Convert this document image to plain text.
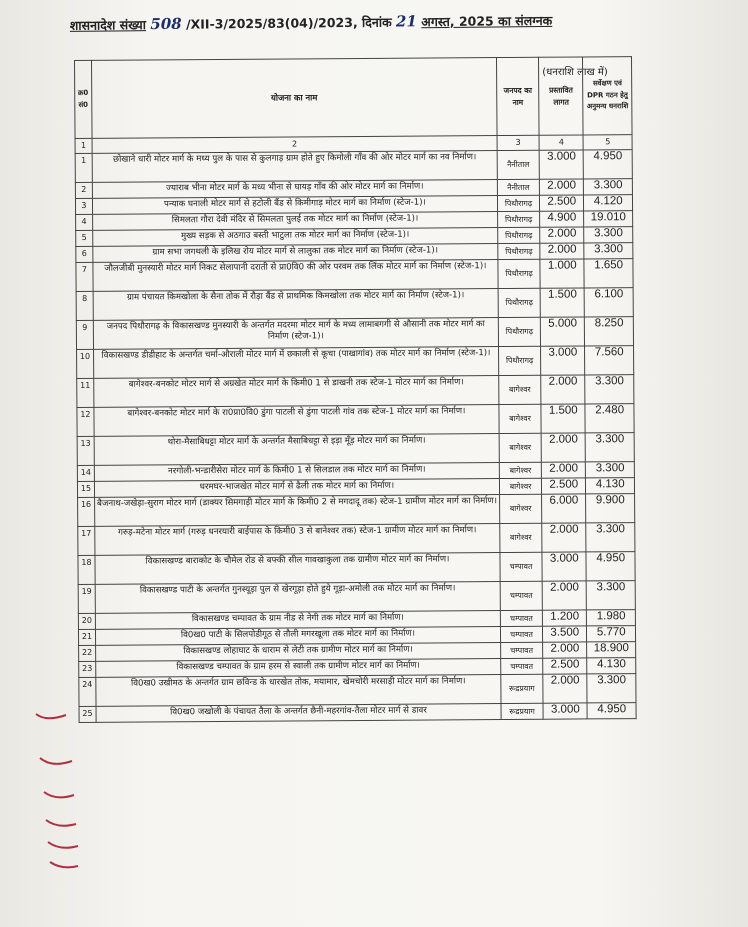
शासनादेश संख्या 508 /XII-3/2025/83(04)/2023, दिनांक 21 अगस्त, 2025 का संलग्नक
(धनराशि लाख में)
क्र0 सं0	योजना का नाम	जनपद का नाम	प्रस्तावित लागत	सर्वेक्षण एवं DPR गठन हेतु अनुमन्य धनराशि
1	2	3	4	5
1	छोखाने धारी मोटर मार्ग के मध्य पुल के पास से कुलगाड़ ग्राम होते हुए किमोली गाँव की ओर मोटर मार्ग का नव निर्माण।	नैनीताल	3.000	4.950
2	ज्याराब भीना मोटर मार्ग के मध्य भीना से घायड़ गाँव की ओर मोटर मार्ग का निर्माण।	नैनीताल	2.000	3.300
3	पन्याक घनाली मोटर मार्ग से हटोली बैंड से किमीगाड़ मोटर मार्ग का निर्माण (स्टेज-1)।	पिथौरागढ़	2.500	4.120
4	सिमलता गौरा देवी मंदिर से सिमलता पुलई तक मोटर मार्ग का निर्माण (स्टेज-1)।	पिथौरागढ़	4.900	19.010
5	मुख्य सड़क से अठगाउ बस्ती भाटुला तक मोटर मार्ग का निर्माण (स्टेज-1)।	पिथौरागढ़	2.000	3.300
6	ग्राम सभा जगथली के इलिख रोय मोटर मार्ग से लालुका तक मोटर मार्ग का निर्माण (स्टेज-1)।	पिथौरागढ़	2.000	3.300
7	जौलजीबी मुनस्यारी मोटर मार्ग निकट सेलापानी दराती से प्रा0वि0 की ओर परवम तक लिंक मोटर मार्ग का निर्माण (स्टेज-1)।	पिथौरागढ़	1.000	1.650
8	ग्राम पंचायत किमखोला के सैना तोक में रौड़ा बैंड से प्राथमिक किमखोला तक मोटर मार्ग का निर्माण (स्टेज-1)।	पिथौरागढ़	1.500	6.100
9	जनपद पिथौरागढ़ के विकासखण्ड मुनस्यारी के अन्तर्गत मदरमा मोटर मार्ग के मध्य लामाबगगी से औसानी तक मोटर मार्ग का निर्माण (स्टेज-1)।	पिथौरागढ़	5.000	8.250
10	विकासखण्ड डीडीहाट के अन्तर्गत चर्मा-औराली मोटर मार्ग में छकाली से कूचा (पाखागांव) तक मोटर मार्ग का निर्माण (स्टेज-1)।	पिथौरागढ़	3.000	7.560
11	बागेश्वर-बनकोट मोटर मार्ग से अग्रखेत मोटर मार्ग के किमी0 1 से डाखनी तक स्टेज-1 मोटर मार्ग का निर्माण।	बागेश्वर	2.000	3.300
12	बागेश्वर-बनकोट मोटर मार्ग के रा0प्रा0वि0 डुंगा पाटली से डुंगा पाटली गांव तक स्टेज-1 मोटर मार्ग का निर्माण।	बागेश्वर	1.500	2.480
13	थोरा-मैसाबिधट्टा मोटर मार्ग के अन्तर्गत मैसाबिधट्टा से इड़ा मूँड़ मोटर मार्ग का निर्माण।	बागेश्वर	2.000	3.300
14	नरगोली-भन्डारीसेरा मोटर मार्ग के किमी0 1 से सिलडाल तक मोटर मार्ग का निर्माण।	बागेश्वर	2.000	3.300
15	धरमघर-भाजखेत मोटर मार्ग से ढैली तक मोटर मार्ग का निर्माण।	बागेश्वर	2.500	4.130
16	बैजनाथ-जखेड़ा-सुराग मोटर मार्ग (डाक्यर सिमगाड़ी मोटर मार्ग के किमी0 2 से मगदादू तक) स्टेज-1 ग्रामीण मोटर मार्ग का निर्माण।	बागेश्वर	6.000	9.900
17	गरुड़-मटेना मोटर मार्ग (गरुड़ धनरयारी बाईपास के किमी0 3 से बानेश्वर तक) स्टेज-1 ग्रामीण मोटर मार्ग का निर्माण।	बागेश्वर	2.000	3.300
18	विकासखण्ड बाराकोट के चौमेल रोड से बफ्की सील गावखाकुला तक ग्रामीण मोटर मार्ग का निर्माण।	चम्पावत	3.000	4.950
19	विकासखण्ड पाटी के अन्तर्गत गुनस्यूड़ा पुल से खेरगूड़ा होते हुये गूड़ा-अमोली तक मोटर मार्ग का निर्माण।	चम्पावत	2.000	3.300
20	विकासखण्ड चम्पावत के ग्राम नीड से नेगी तक मोटर मार्ग का निर्माण।	चम्पावत	1.200	1.980
21	वि0ख0 पाटी के सिलपोडीगूठ से तौली मगरखूला तक मोटर मार्ग का निर्माण।	चम्पावत	3.500	5.770
22	विकासखण्ड लोहाघाट के धाराम से लेटी तक ग्रामीण मोटर मार्ग का निर्माण।	चम्पावत	2.000	18.900
23	विकासखण्ड चम्पावत के ग्राम हरम से स्वाली तक ग्रामीण मोटर मार्ग का निर्माण।	चम्पावत	2.500	4.130
24	वि0ख0 उखीमठ के अन्तर्गत ग्राम छविन्ड के धारखेत तोक, मयामार, खेमचोरी मरसाड़ी मोटर मार्ग का निर्माण।	रूद्रप्रयाग	2.000	3.300
25	वि0ख0 जखोली के पंचायत तैला के अन्तर्गत छैनी-महरगांव-तैला मोटर मार्ग से डावर	रूद्रप्रयाग	3.000	4.950
